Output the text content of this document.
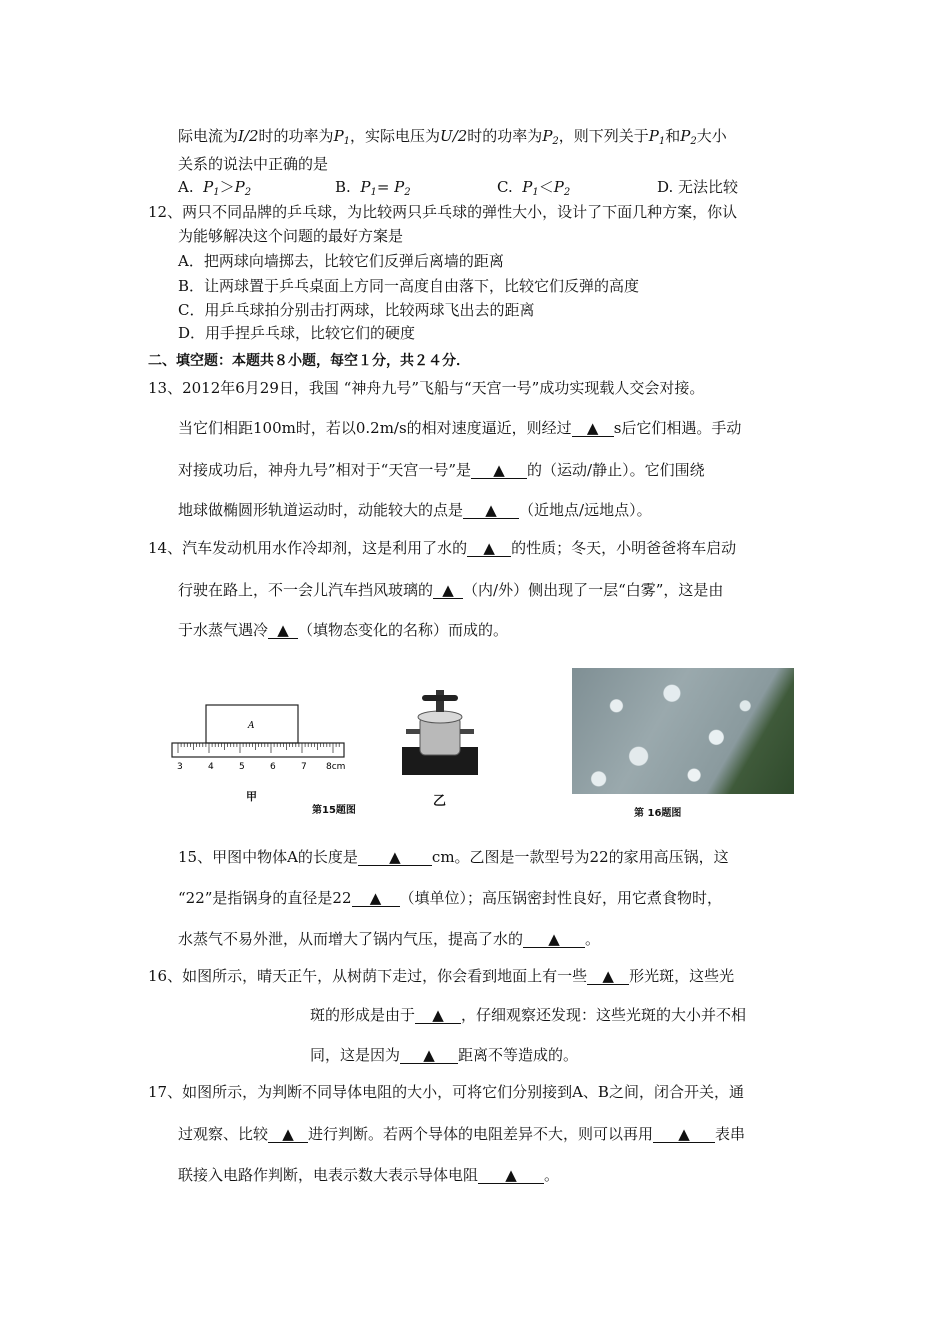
际电流为I/2时的功率为$P_1$，实际电压为U/2时的功率为$P_2$，则下列关于$P_1$和$P_2$大小
关系的说法中正确的是
A. $P_1>P_2$	B. $P_1= P_2$	C. $P_1<P_2$	D. 无法比较
12、两只不同品牌的乒乓球，为比较两只乒乓球的弹性大小，设计了下面几种方案，你认
为能够解决这个问题的最好方案是
A．把两球向墙掷去，比较它们反弹后离墙的距离
B．让两球置于乒乓桌面上方同一高度自由落下，比较它们反弹的高度
C．用乒乓球拍分别击打两球，比较两球飞出去的距离
D．用手捏乒乓球，比较它们的硬度
二、填空题：本题共８小题，每空１分，共２４分．
13、2012年6月29日，我国 “神舟九号”飞船与“天宫一号”成功实现载人交会对接。
当它们相距100m时，若以0.2m/s的相对速度逼近，则经过 ▲ s后它们相遇。手动
对接成功后，神舟九号”相对于“天宫一号”是 ▲ 的（运动/静止）。它们围绕
地球做椭圆形轨道运动时，动能较大的点是 ▲ （近地点/远地点）。
14、汽车发动机用水作冷却剂，这是利用了水的 ▲ 的性质；冬天，小明爸爸将车启动
行驶在路上，不一会儿汽车挡风玻璃的 ▲ （内/外）侧出现了一层“白雾”，这是由
于水蒸气遇冷 ▲ （填物态变化的名称）而成的。
A
3	4	5	6	7 8cm
甲
第15题图
乙
第 16题图
15、甲图中物体A的长度是 ▲ cm。乙图是一款型号为22的家用高压锅，这
“22”是指锅身的直径是22 ▲ （填单位）；高压锅密封性良好，用它煮食物时，
水蒸气不易外泄，从而增大了锅内气压，提高了水的 ▲ 。
16、如图所示，晴天正午，从树荫下走过，你会看到地面上有一些 ▲ 形光斑，这些光
斑的形成是由于 ▲ ，仔细观察还发现：这些光斑的大小并不相
同，这是因为 ▲ 距离不等造成的。
17、如图所示，为判断不同导体电阻的大小，可将它们分别接到A、B之间，闭合开关，通
过观察、比较 ▲ 进行判断。若两个导体的电阻差异不大，则可以再用 ▲ 表串
联接入电路作判断，电表示数大表示导体电阻 ▲ 。
